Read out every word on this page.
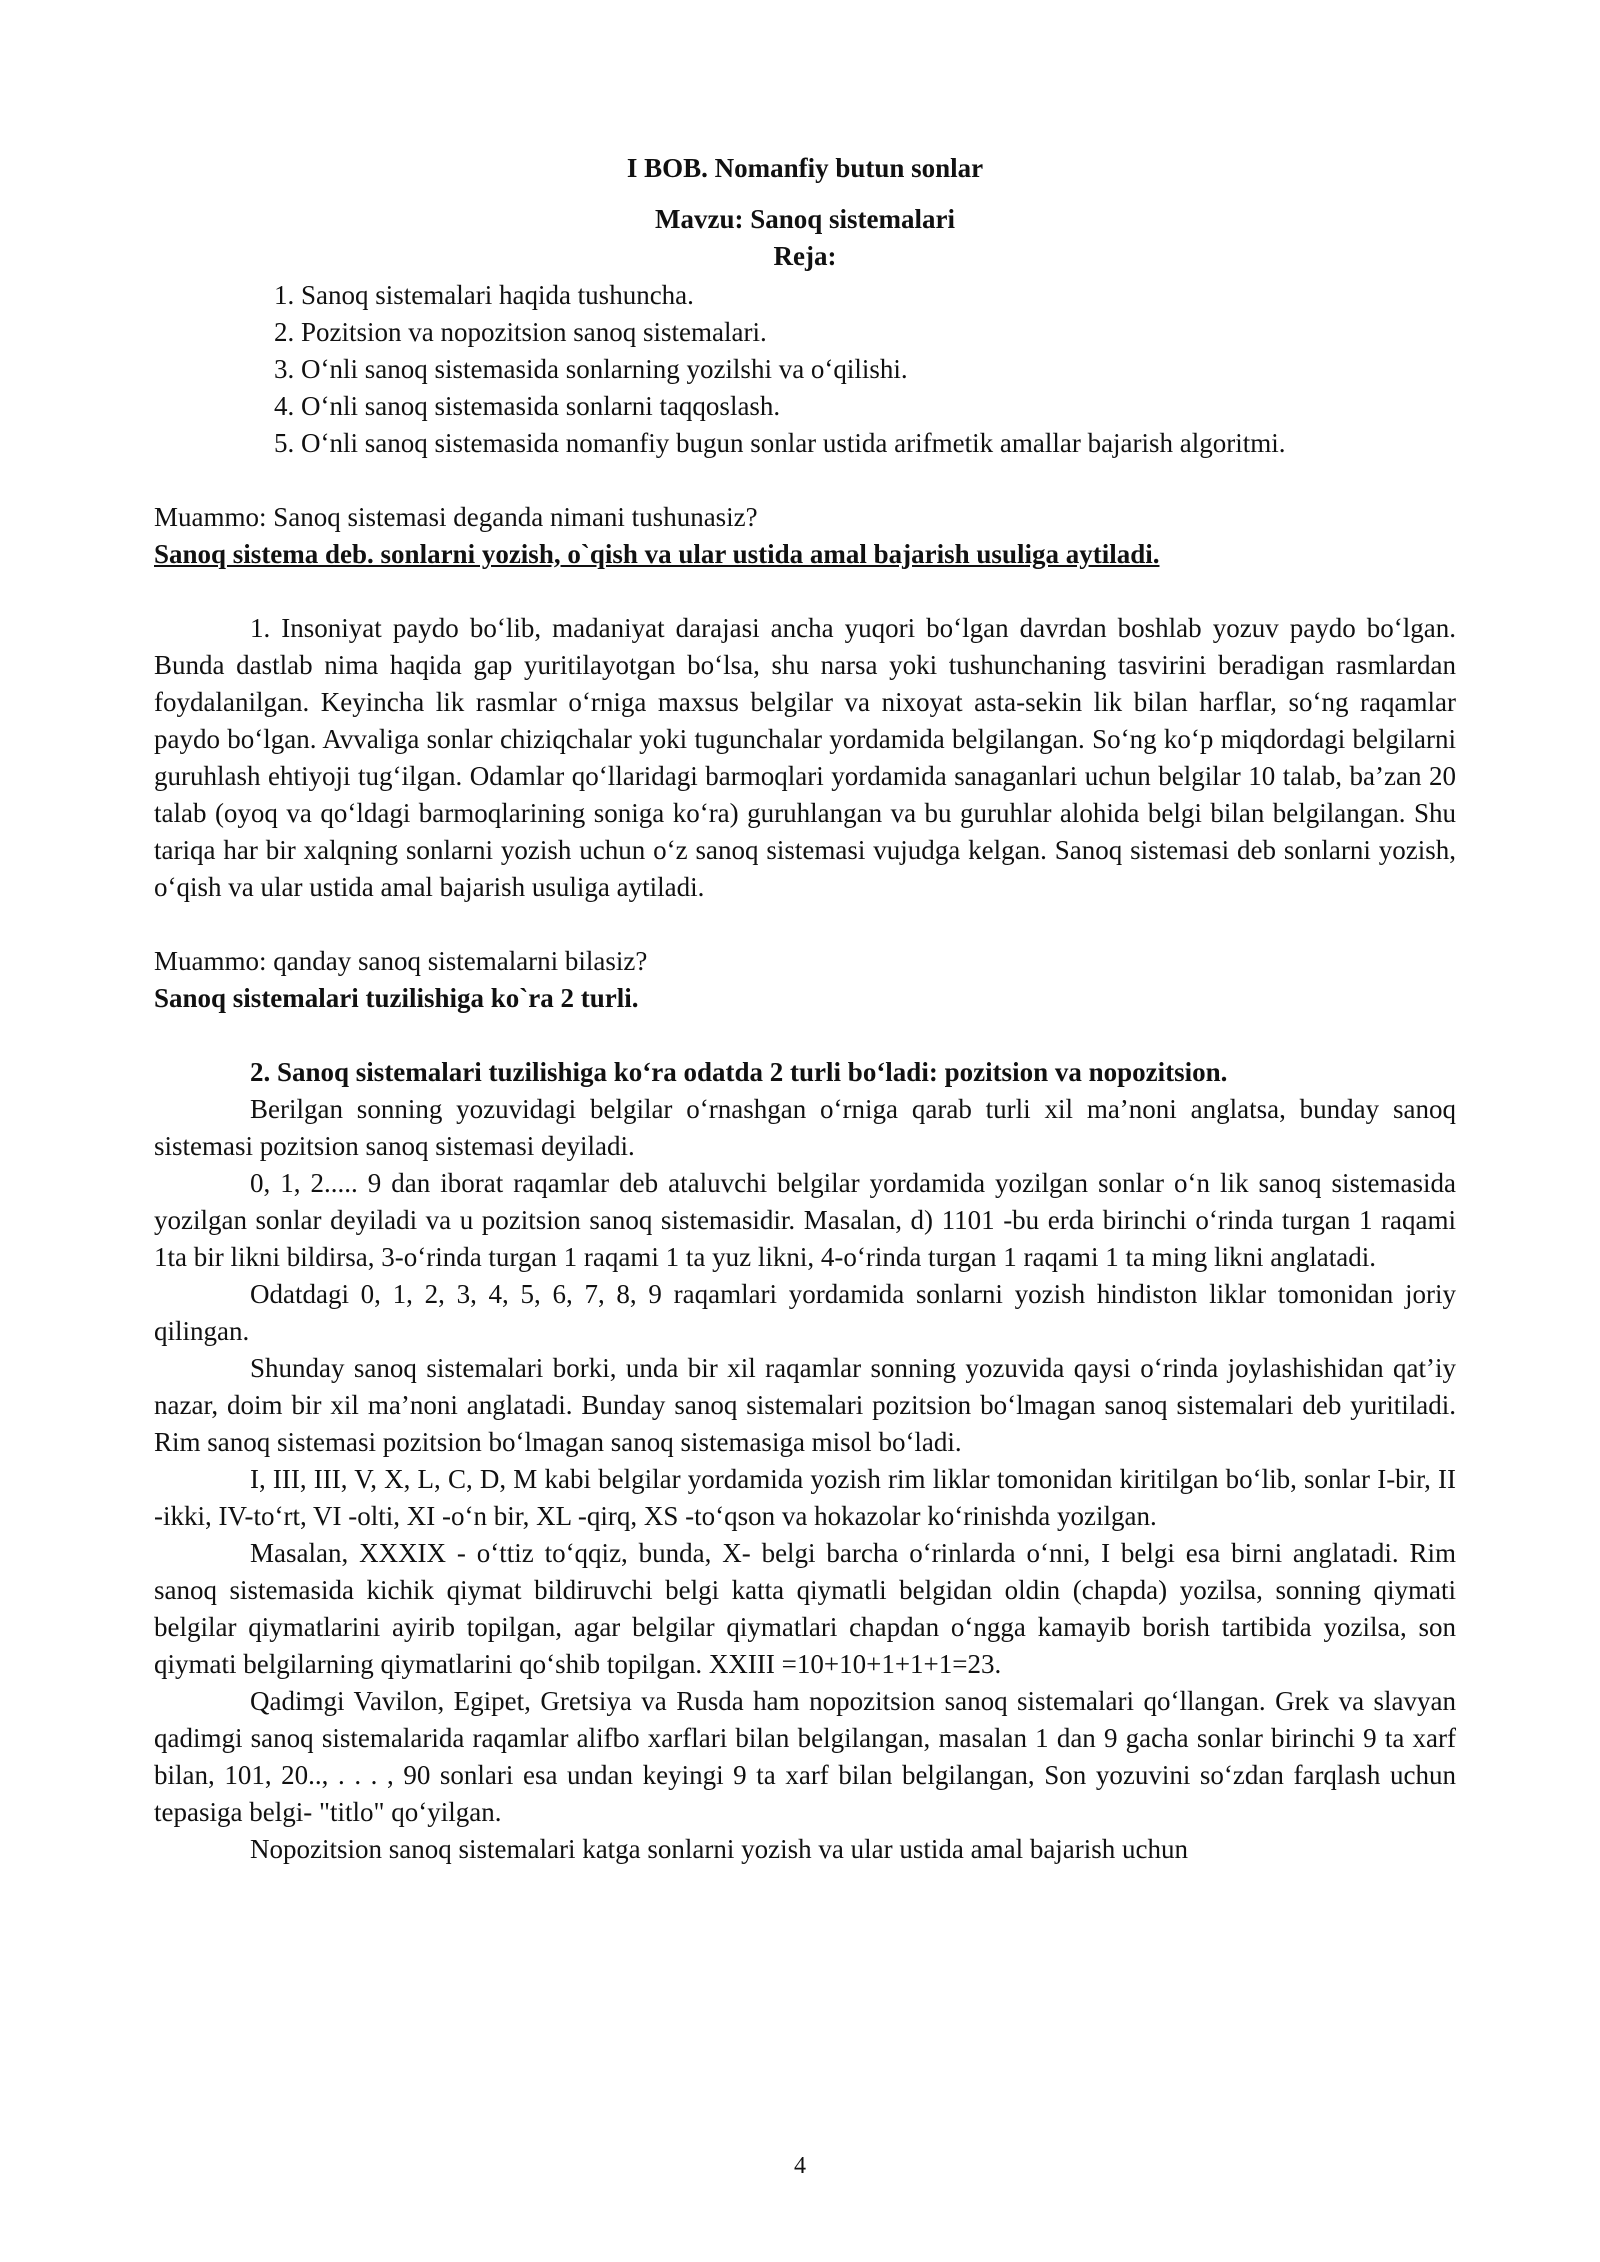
I BOB. Nomanfiy butun sonlar
Mavzu: Sanoq sistemalari
Reja:
1. Sanoq sistemalari haqida tushuncha.
2. Pozitsion va nopozitsion sanoq sistemalari.
3. O‘nli sanoq sistemasida sonlarning yozilshi va o‘qilishi.
4. O‘nli sanoq sistemasida sonlarni taqqoslash.
5. O‘nli sanoq sistemasida nomanfiy bugun sonlar ustida arifmetik amallar bajarish algoritmi.

Muammo: Sanoq sistemasi deganda nimani tushunasiz?

Sanoq sistema deb. sonlarni yozish, o`qish va ular ustida amal bajarish usuliga aytiladi.

1. Insoniyat paydo bo‘lib, madaniyat darajasi ancha yuqori bo‘lgan davrdan boshlab yozuv paydo bo‘lgan. Bunda dastlab nima haqida gap yuritilayotgan bo‘lsa, shu narsa yoki tushunchaning tasvirini beradigan rasmlardan foydalanilgan. Keyincha lik rasmlar o‘rniga maxsus belgilar va nixoyat asta-sekin lik bilan harflar, so‘ng raqamlar paydo bo‘lgan. Avvaliga sonlar chiziqchalar yoki tugunchalar yordamida belgilangan. So‘ng ko‘p miqdordagi belgilarni guruhlash ehtiyoji tug‘ilgan. Odamlar qo‘llaridagi barmoqlari yordamida sanaganlari uchun belgilar 10 talab, ba’zan 20 talab (oyoq va qo‘ldagi barmoqlarining soniga ko‘ra) guruhlangan va bu guruhlar alohida belgi bilan belgilangan. Shu tariqa har bir xalqning sonlarni yozish uchun o‘z sanoq sistemasi vujudga kelgan. Sanoq sistemasi deb sonlarni yozish, o‘qish va ular ustida amal bajarish usuliga aytiladi.

Muammo: qanday sanoq sistemalarni bilasiz?

Sanoq sistemalari tuzilishiga ko`ra 2 turli.

2. Sanoq sistemalari tuzilishiga ko‘ra odatda 2 turli bo‘ladi: pozitsion va nopozitsion.

Berilgan sonning yozuvidagi belgilar o‘rnashgan o‘rniga qarab turli xil ma’noni anglatsa, bunday sanoq sistemasi pozitsion sanoq sistemasi deyiladi.

0, 1, 2..... 9 dan iborat raqamlar deb ataluvchi belgilar yordamida yozilgan sonlar o‘n lik sanoq sistemasida yozilgan sonlar deyiladi va u pozitsion sanoq sistemasidir. Masalan, d) 1101 -bu erda birinchi o‘rinda turgan 1 raqami 1ta bir likni bildirsa, 3-o‘rinda turgan 1 raqami 1 ta yuz likni, 4-o‘rinda turgan 1 raqami 1 ta ming likni anglatadi.

Odatdagi 0, 1, 2, 3, 4, 5, 6, 7, 8, 9 raqamlari yordamida sonlarni yozish hindiston liklar tomonidan joriy qilingan.

Shunday sanoq sistemalari borki, unda bir xil raqamlar sonning yozuvida qaysi o‘rinda joylashishidan qat’iy nazar, doim bir xil ma’noni anglatadi. Bunday sanoq sistemalari pozitsion bo‘lmagan sanoq sistemalari deb yuritiladi. Rim sanoq sistemasi pozitsion bo‘lmagan sanoq sistemasiga misol bo‘ladi.

I, III, III, V, X, L, C, D, M kabi belgilar yordamida yozish rim liklar tomonidan kiritilgan bo‘lib, sonlar I-bir, II -ikki, IV-to‘rt, VI -olti, XI -o‘n bir, XL -qirq, XS -to‘qson va hokazolar ko‘rinishda yozilgan.

Masalan, XXXIX - o‘ttiz to‘qqiz, bunda, X- belgi barcha o‘rinlarda o‘nni, I belgi esa birni anglatadi. Rim sanoq sistemasida kichik qiymat bildiruvchi belgi katta qiymatli belgidan oldin (chapda) yozilsa, sonning qiymati belgilar qiymatlarini ayirib topilgan, agar belgilar qiymatlari chapdan o‘ngga kamayib borish tartibida yozilsa, son qiymati belgilarning qiymatlarini qo‘shib topilgan. XXIII =10+10+1+1+1=23.

Qadimgi Vavilon, Egipet, Gretsiya va Rusda ham nopozitsion sanoq sistemalari qo‘llangan. Grek va slavyan qadimgi sanoq sistemalarida raqamlar alifbo xarflari bilan belgilangan, masalan 1 dan 9 gacha sonlar birinchi 9 ta xarf bilan, 101, 20.., . . . , 90 sonlari esa undan keyingi 9 ta xarf bilan belgilangan, Son yozuvini so‘zdan farqlash uchun tepasiga belgi- "titlo" qo‘yilgan.

Nopozitsion sanoq sistemalari katga sonlarni yozish va ular ustida amal bajarish uchun

4
